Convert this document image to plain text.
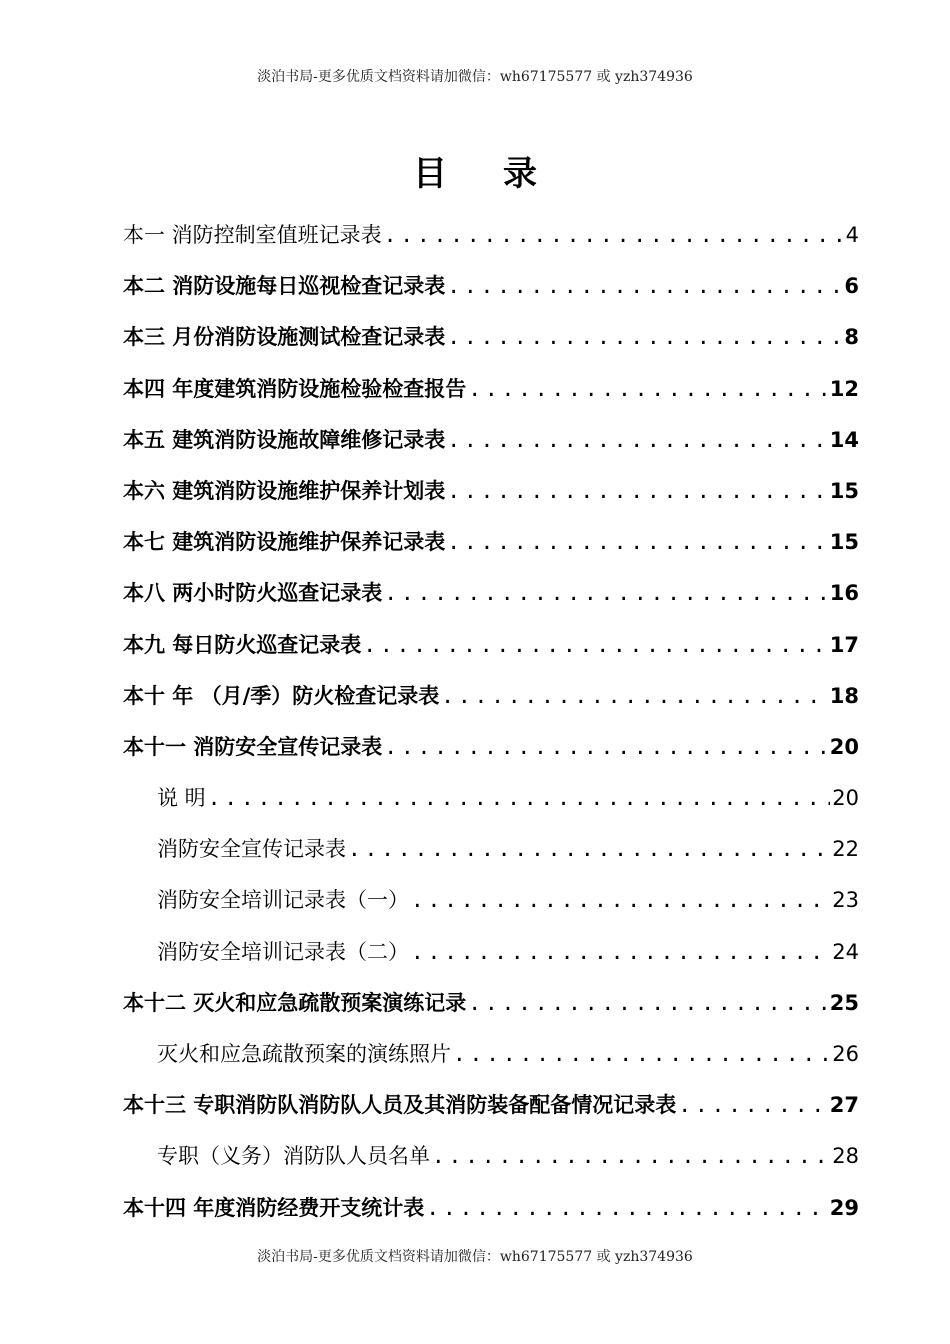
淡泊书局-更多优质文档资料请加微信：wh67175577 或 yzh374936
目录
本一 消防控制室值班记录表 .....	4
本二 消防设施每日巡视检查记录表 .....	6
本三 月份消防设施测试检查记录表 .....	8
本四 年度建筑消防设施检验检查报告 .....	12
本五 建筑消防设施故障维修记录表 .....	14
本六 建筑消防设施维护保养计划表 .....	15
本七 建筑消防设施维护保养记录表 .....	15
本八 两小时防火巡查记录表 .....	16
本九 每日防火巡查记录表 .....	17
本十 年 （月/季）防火检查记录表 .....	18
本十一 消防安全宣传记录表 .....	20
说 明 .....	20
消防安全宣传记录表 .....	22
消防安全培训记录表（一） .....	23
消防安全培训记录表（二） .....	24
本十二 灭火和应急疏散预案演练记录 .....	25
灭火和应急疏散预案的演练照片 .....	26
本十三 专职消防队消防队人员及其消防装备配备情况记录表 .....	27
专职（义务）消防队人员名单 .....	28
本十四 年度消防经费开支统计表 .....	29
淡泊书局-更多优质文档资料请加微信：wh67175577 或 yzh374936
